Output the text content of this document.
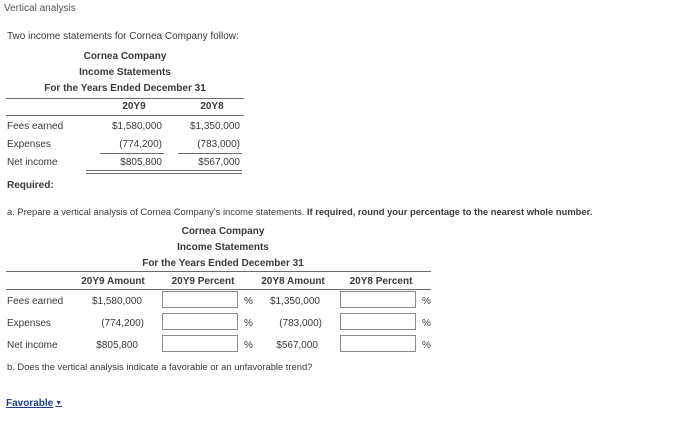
Vertical analysis
Two income statements for Cornea Company follow:
Cornea Company
Income Statements
For the Years Ended December 31
20Y9	20Y8
Fees earned	$1,580,000	$1,350,000
Expenses	(774,200)	(783,000)
Net income	$805,800	$567,000
Required:
a. Prepare a vertical analysis of Cornea Company's income statements. If required, round your percentage to the nearest whole number.
Cornea Company
Income Statements
For the Years Ended December 31
20Y9 Amount	20Y9 Percent	20Y8 Amount	20Y8 Percent
Fees earned	$1,580,000	%	$1,350,000	%
Expenses	(774,200)	%	(783,000)	%
Net income	$805,800	%	$567,000	%
b. Does the vertical analysis indicate a favorable or an unfavorable trend?
Favorable ▼
